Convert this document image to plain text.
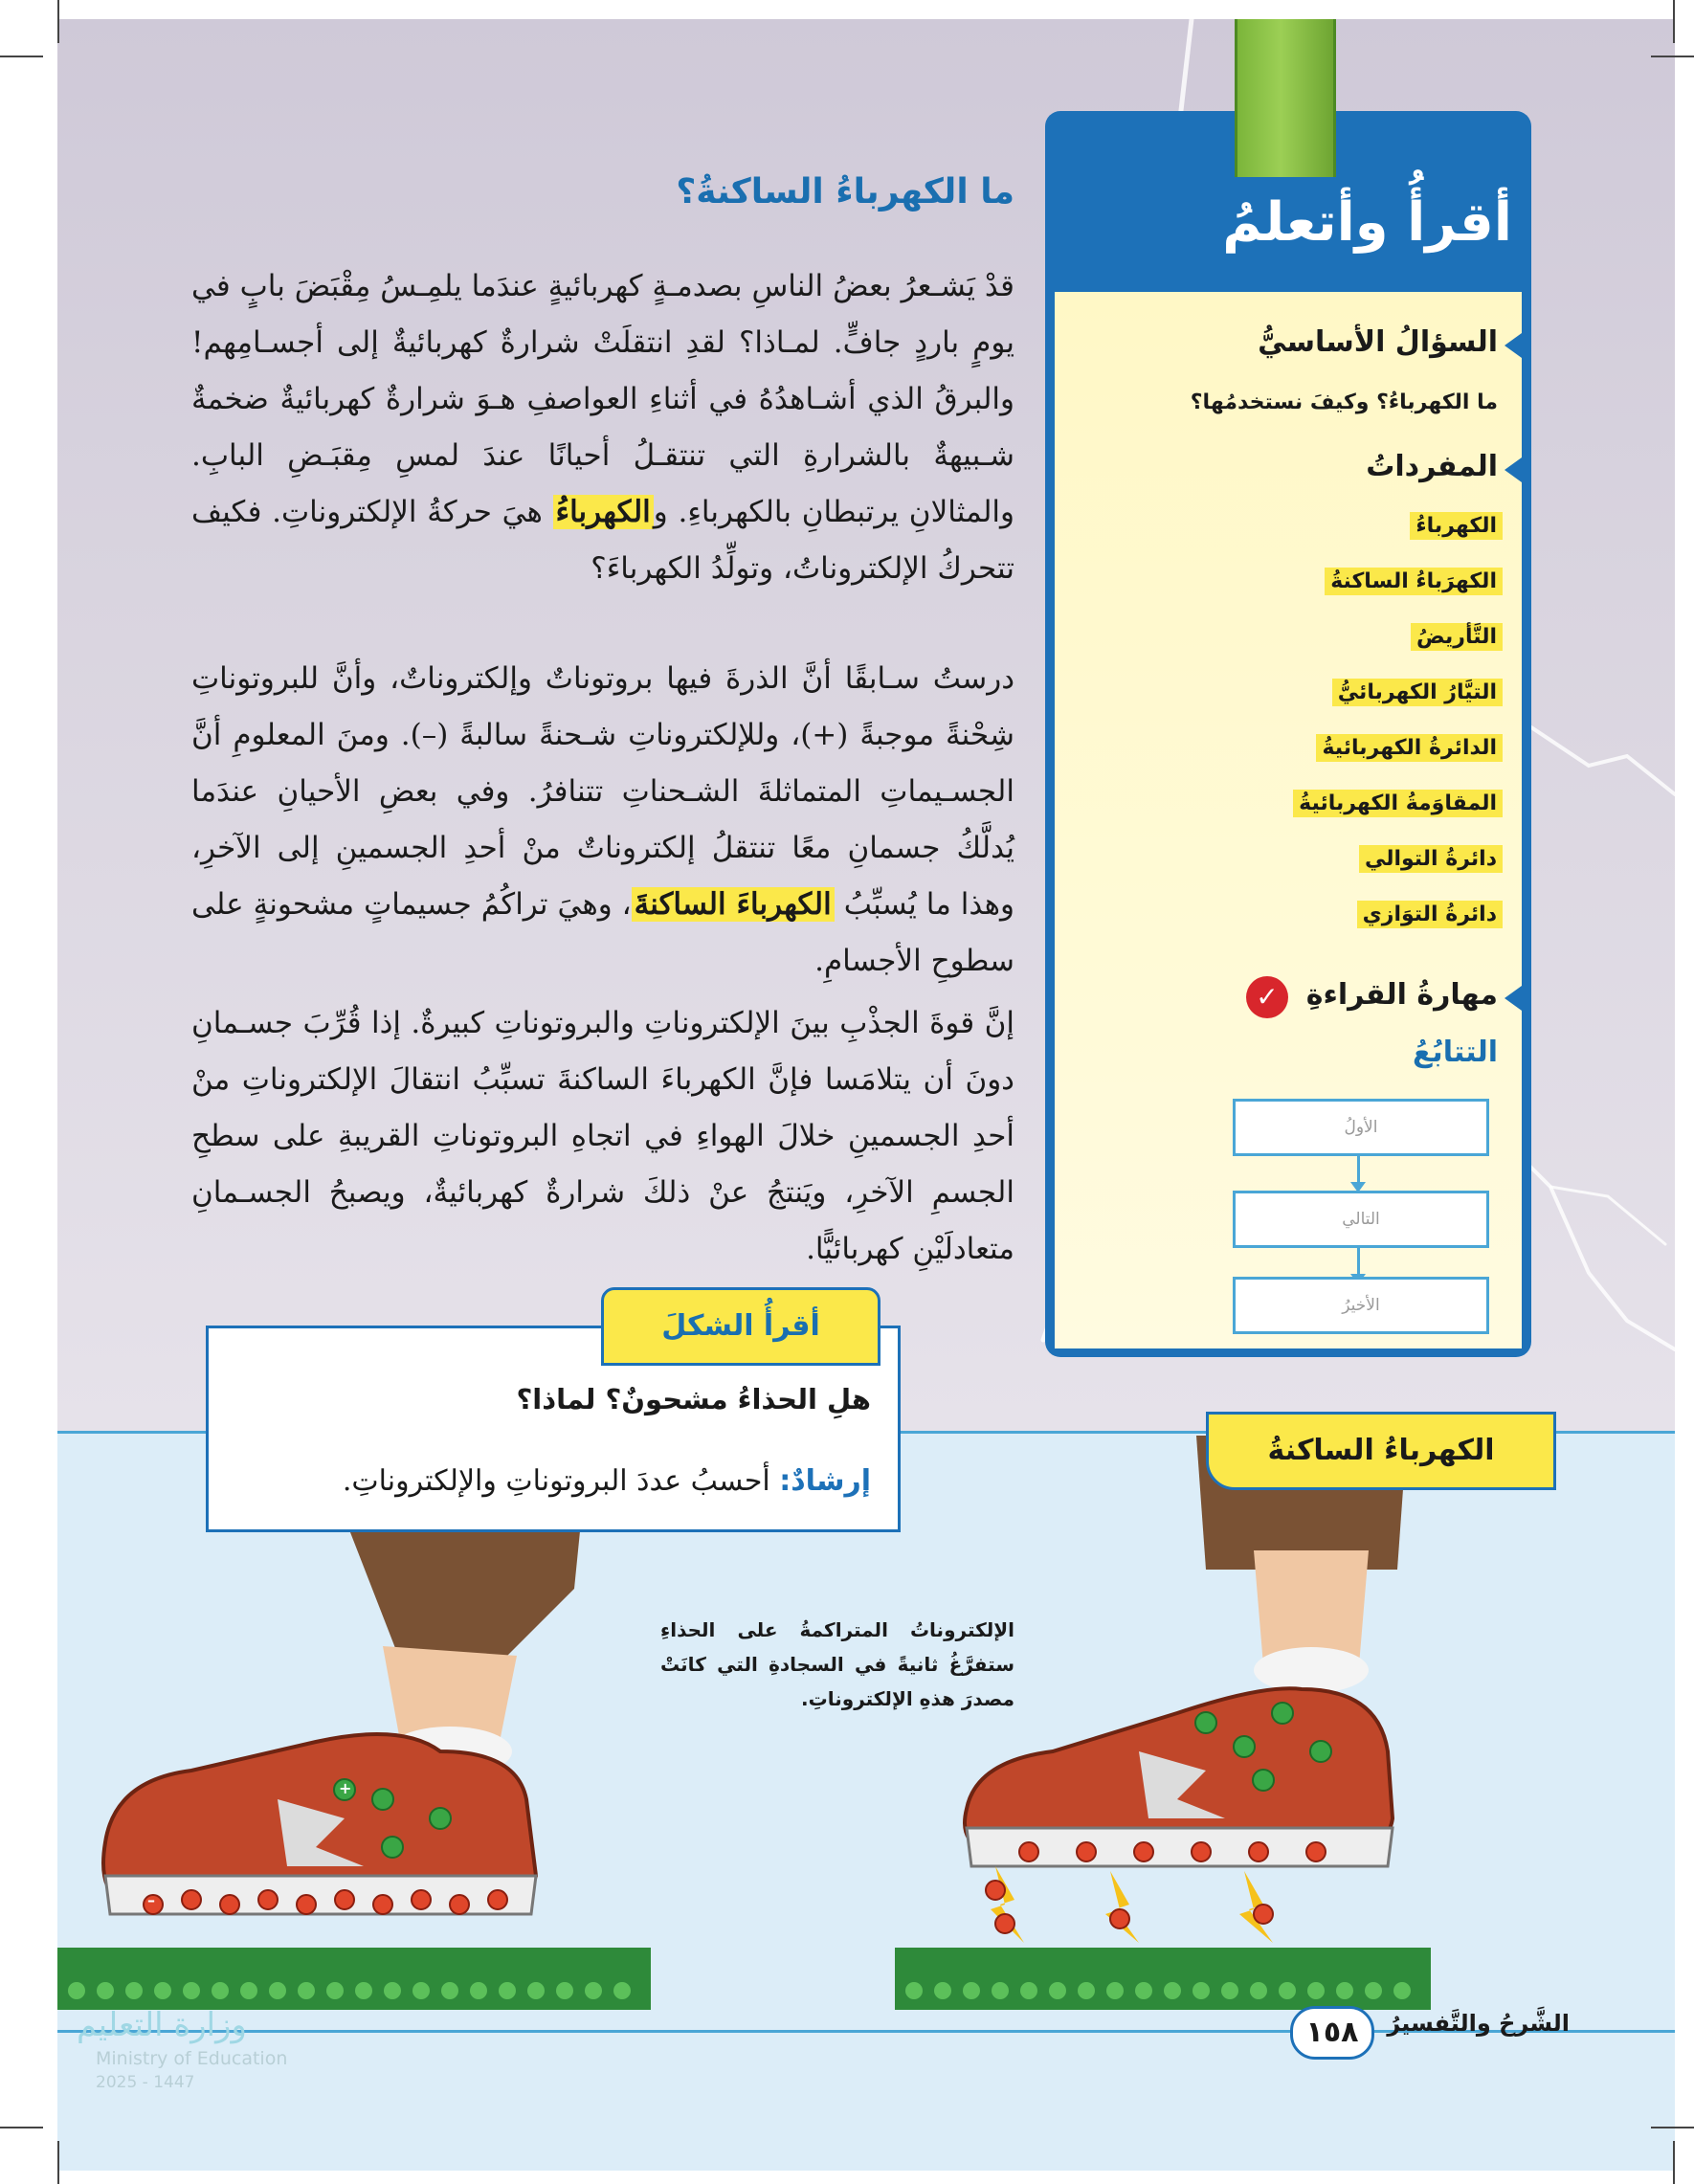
ما الكهرباءُ الساكنةُ؟
قدْ يَشـعرُ بعضُ الناسِ بصدمـةٍ كهربائيةٍ عندَما يلمِـسُ مِقْبَضَ بابٍ في يومٍ باردٍ جافٍّ. لمـاذا؟ لقدِ انتقلَتْ شرارةٌ كهربائيةٌ إلى أجسـامِهم! والبرقُ الذي أشـاهدُهُ في أثناءِ العواصفِ هـوَ شرارةٌ كهربائيةٌ ضخمةٌ شـبيهةٌ بالشرارةِ التي تنتقـلُ أحيانًا عندَ لمسِ مِقبَـضِ البابِ. والمثالانِ يرتبطانِ بالكهرباءِ. والكهرباءُ هيَ حركةُ الإلكتروناتِ. فكيف تتحركُ الإلكتروناتُ، وتولِّدُ الكهرباءَ؟
درستُ سـابقًا أنَّ الذرةَ فيها بروتوناتٌ وإلكتروناتٌ، وأنَّ للبروتوناتِ شِحْنةً موجبةً (+)، وللإلكتروناتِ شـحنةً سالبةً (–). ومنَ المعلومِ أنَّ الجسـيماتِ المتماثلةَ الشـحناتِ تتنافرُ. وفي بعضِ الأحيانِ عندَما يُدلَّكُ جسمانِ معًا تنتقلُ إلكتروناتٌ منْ أحدِ الجسمينِ إلى الآخرِ، وهذا ما يُسبِّبُ الكهرباءَ الساكنةَ، وهيَ تراكُمُ جسيماتٍ مشحونةٍ على سطوحِ الأجسامِ.
إنَّ قوةَ الجذْبِ بينَ الإلكتروناتِ والبروتوناتِ كبيرةٌ. إذا قُرِّبَ جسـمانِ دونَ أن يتلامَسا فإنَّ الكهرباءَ الساكنةَ تسبِّبُ انتقالَ الإلكتروناتِ منْ أحدِ الجسمينِ خلالَ الهواءِ في اتجاهِ البروتوناتِ القريبةِ على سطحِ الجسمِ الآخرِ، ويَنتجُ عنْ ذلكَ شرارةٌ كهربائيةٌ، ويصبحُ الجسـمانِ متعادلَيْنِ كهربائيًّا.
أقرأُ وأتعلمُ
السؤالُ الأساسيُّ
ما الكهرباءُ؟ وكيفَ نستخدمُها؟
المفرداتُ
الكهرباءُ
الكهرَباءُ الساكنةُ
التَّأريضُ
التيَّارُ الكهربائيُّ
الدائرةُ الكهربائيةُ
المقاوَمةُ الكهربائيةُ
دائرةُ التوالي
دائرةُ التوَازي
مهارةُ القراءةِ
✓
التتابُعُ
الأولُ
التالي
الأخيرُ
–
+
أقرأُ الشكلَ
هلِ الحذاءُ مشحونٌ؟ لماذا؟
إرشادٌ: أحسبُ عددَ البروتوناتِ والإلكتروناتِ.
الكهرباءُ الساكنةُ
الإلكتروناتُ المتراكمةُ على الحذاءِ ستفرَّغُ ثانيةً في السجادةِ التي كانَتْ مصدرَ هذهِ الإلكتروناتِ.
الشَّرحُ والتَّفسيرُ
١٥٨
وزارة التعليم
Ministry of Education
2025 - 1447
